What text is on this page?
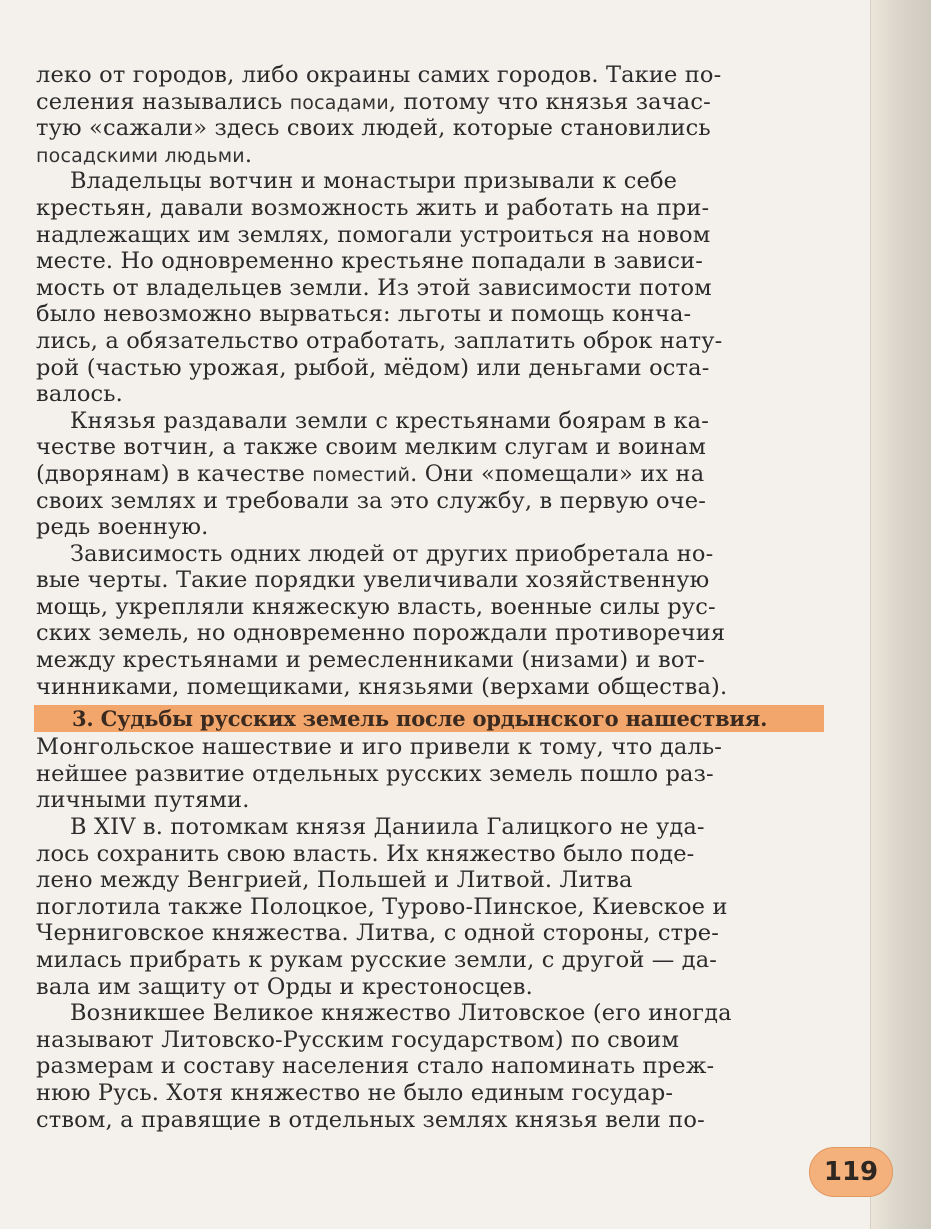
леко от городов, либо окраины самих городов. Такие по-
селения назывались посадами, потому что князья зачас-
тую «сажали» здесь своих людей, которые становились
посадскими людьми.
Владельцы вотчин и монастыри призывали к себе
крестьян, давали возможность жить и работать на при-
надлежащих им землях, помогали устроиться на новом
месте. Но одновременно крестьяне попадали в зависи-
мость от владельцев земли. Из этой зависимости потом
было невозможно вырваться: льготы и помощь конча-
лись, а обязательство отработать, заплатить оброк нату-
рой (частью урожая, рыбой, мёдом) или деньгами оста-
валось.
Князья раздавали земли с крестьянами боярам в ка-
честве вотчин, а также своим мелким слугам и воинам
(дворянам) в качестве поместий. Они «помещали» их на
своих землях и требовали за это службу, в первую оче-
редь военную.
Зависимость одних людей от других приобретала но-
вые черты. Такие порядки увеличивали хозяйственную
мощь, укрепляли княжескую власть, военные силы рус-
ских земель, но одновременно порождали противоречия
между крестьянами и ремесленниками (низами) и вот-
чинниками, помещиками, князьями (верхами общества).
3. Судьбы русских земель после ордынского нашествия.
Монгольское нашествие и иго привели к тому, что даль-
нейшее развитие отдельных русских земель пошло раз-
личными путями.
В XIV в. потомкам князя Даниила Галицкого не уда-
лось сохранить свою власть. Их княжество было поде-
лено между Венгрией, Польшей и Литвой. Литва
поглотила также Полоцкое, Турово-Пинское, Киевское и
Черниговское княжества. Литва, с одной стороны, стре-
милась прибрать к рукам русские земли, с другой — да-
вала им защиту от Орды и крестоносцев.
Возникшее Великое княжество Литовское (его иногда
называют Литовско-Русским государством) по своим
размерам и составу населения стало напоминать преж-
нюю Русь. Хотя княжество не было единым государ-
ством, а правящие в отдельных землях князья вели по-
119
